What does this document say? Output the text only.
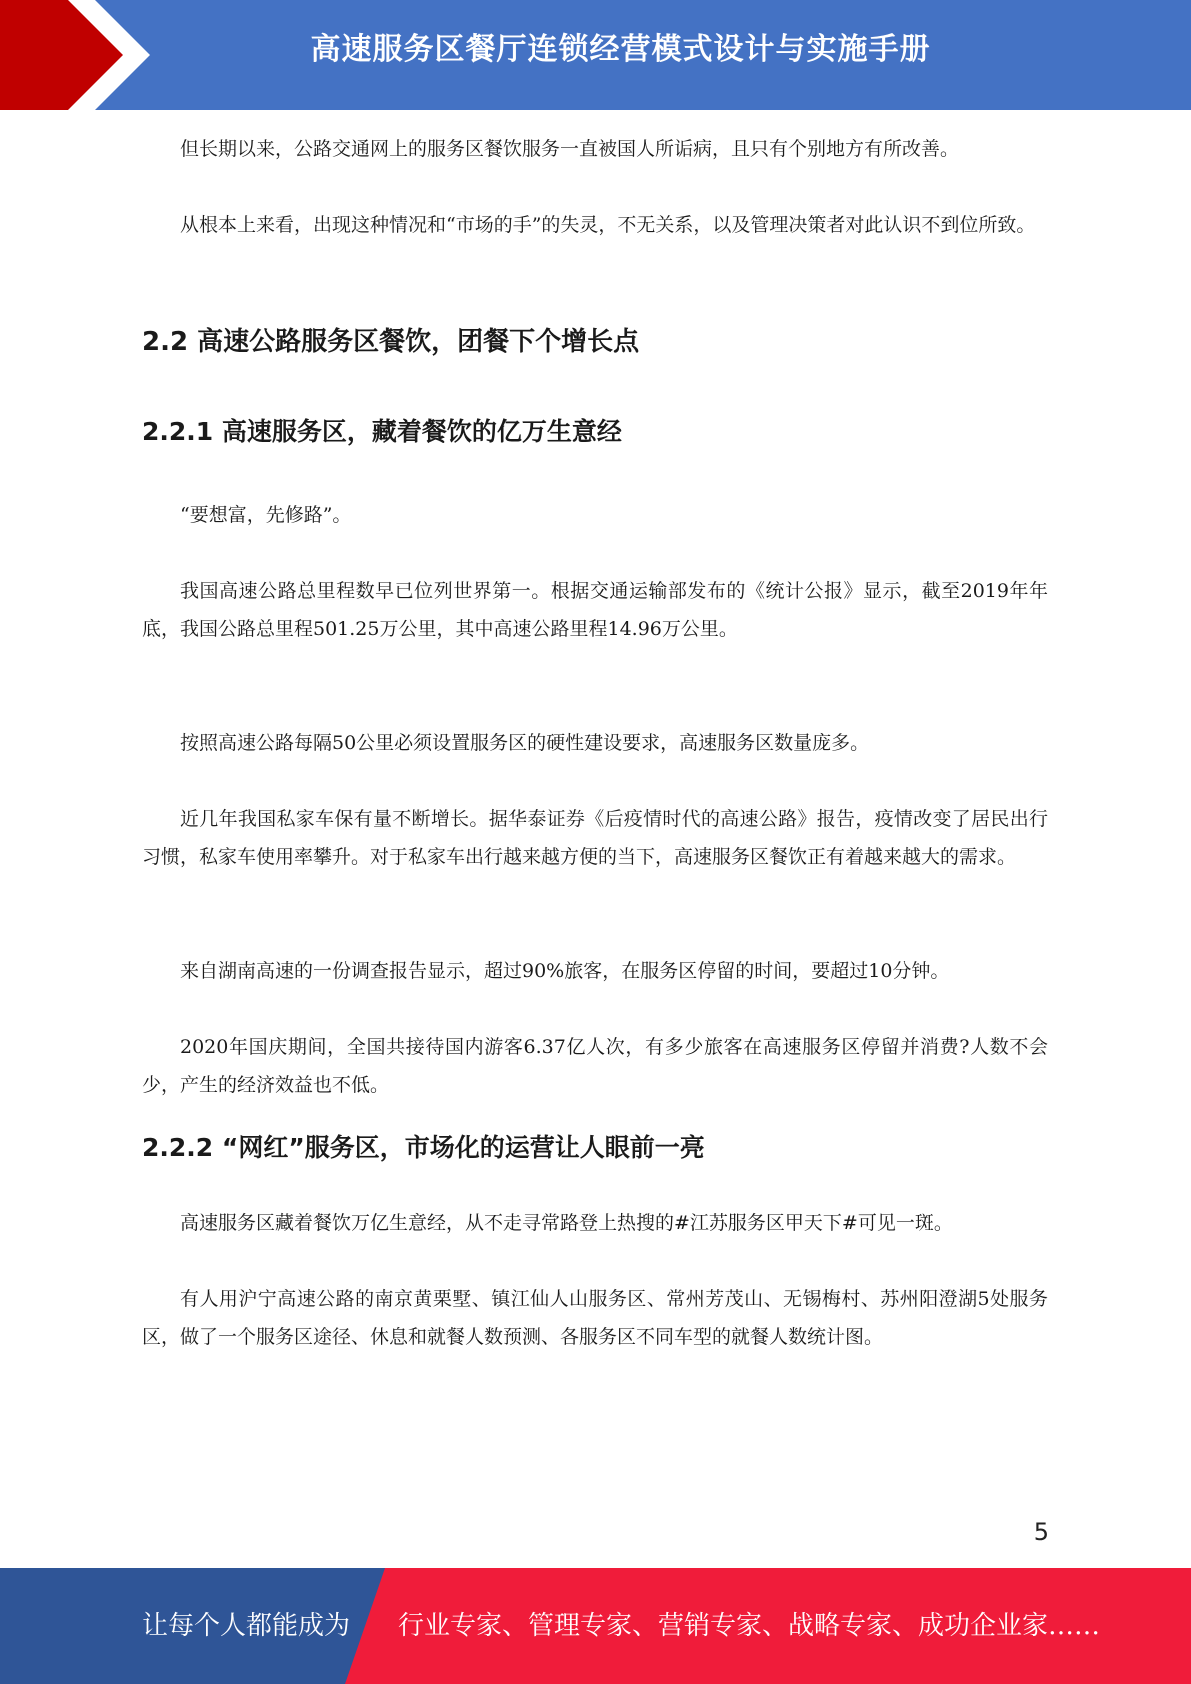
高速服务区餐厅连锁经营模式设计与实施手册

但长期以来，公路交通网上的服务区餐饮服务一直被国人所诟病，且只有个别地方有所改善。

从根本上来看，出现这种情况和“市场的手”的失灵，不无关系，以及管理决策者对此认识不到位所致。

2.2 高速公路服务区餐饮，团餐下个增长点
2.2.1 高速服务区，藏着餐饮的亿万生意经

“要想富，先修路”。

我国高速公路总里程数早已位列世界第一。根据交通运输部发布的《统计公报》显示，截至2019年年底，我国公路总里程501.25万公里，其中高速公路里程14.96万公里。

按照高速公路每隔50公里必须设置服务区的硬性建设要求，高速服务区数量庞多。

近几年我国私家车保有量不断增长。据华泰证券《后疫情时代的高速公路》报告，疫情改变了居民出行习惯，私家车使用率攀升。对于私家车出行越来越方便的当下，高速服务区餐饮正有着越来越大的需求。

来自湖南高速的一份调查报告显示，超过90%旅客，在服务区停留的时间，要超过10分钟。

2020年国庆期间，全国共接待国内游客6.37亿人次，有多少旅客在高速服务区停留并消费?人数不会少，产生的经济效益也不低。

2.2.2 “网红”服务区，市场化的运营让人眼前一亮

高速服务区藏着餐饮万亿生意经，从不走寻常路登上热搜的#江苏服务区甲天下#可见一斑。

有人用沪宁高速公路的南京黄栗墅、镇江仙人山服务区、常州芳茂山、无锡梅村、苏州阳澄湖5处服务区，做了一个服务区途径、休息和就餐人数预测、各服务区不同车型的就餐人数统计图。

5
让每个人都能成为 行业专家、管理专家、营销专家、战略专家、成功企业家……
